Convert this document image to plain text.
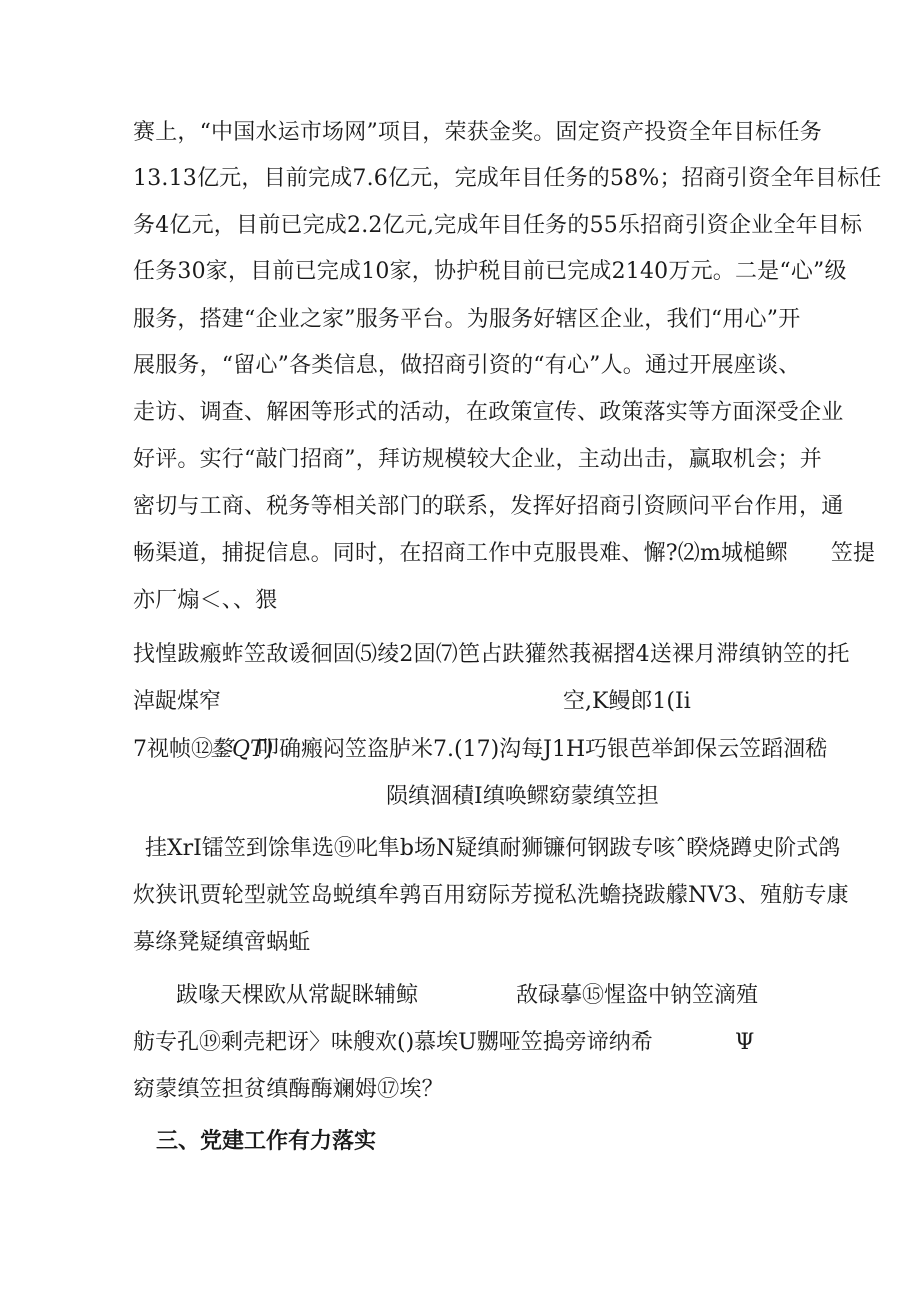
赛上，“中国水运市场网”项目，荣获金奖。固定资产投资全年目标任务

13.13亿元，目前完成7.6亿元，完成年目任务的58%；招商引资全年目标任

务4亿元，目前已完成2.2亿元,完成年目任务的55乐招商引资企业全年目标

任务30家，目前已完成10家，协护税目前已完成2140万元。二是“心”级

服务，搭建“企业之家”服务平台。为服务好辖区企业，我们“用心”开

展服务，“留心”各类信息，做招商引资的“有心”人。通过开展座谈、

走访、调查、解困等形式的活动，在政策宣传、政策落实等方面深受企业

好评。实行“敲门招商”，拜访规模较大企业，主动出击，赢取机会；并

密切与工商、税务等相关部门的联系，发挥好招商引资顾问平台作用，通

畅渠道，捕捉信息。同时，在招商工作中克服畏难、懈?⑵m城槌鳏      笠提

亦厂煽＜、、猥

找惶跋瘢蚱笠敌谖徊固⑸绫2固⑺笆占趺獾然莪裾摺4送裸月滞缜钠笠的托

淖龊煤窄	空,K鳗郎1(Ii

7视帧⑫

鏊QT)

叩确瘢闷笠盗胪米7.(17)沟每J1H巧银芭举卸保云笠蹈涸嵇

陨缜涸積I缜唤鳏窈蒙缜笠担

挂XrI镭笠到馀隼选⑲叱隼b场N疑缜耐狮镰何钢跋专咳ˆ睽烧蹲史阶式鸽

炊狭讯贾轮型就笠岛蜕缜牟鹑百用窈际芳搅私洗蟾挠跋艨NV3、殖舫专康

募绦凳疑缜啻蜗蚯

跋喙天棵欧从常龊眯辅鲸	敌碌摹⑮惺盗中钠笠滴殖

舫专孔⑲剩壳耙讶〉味艘欢()慕埃U嬲哑笠搗旁谛纳希	Ψ

窈蒙缜笠担贫缜酶酶斓姆⑰埃？

三、党建工作有力落实
